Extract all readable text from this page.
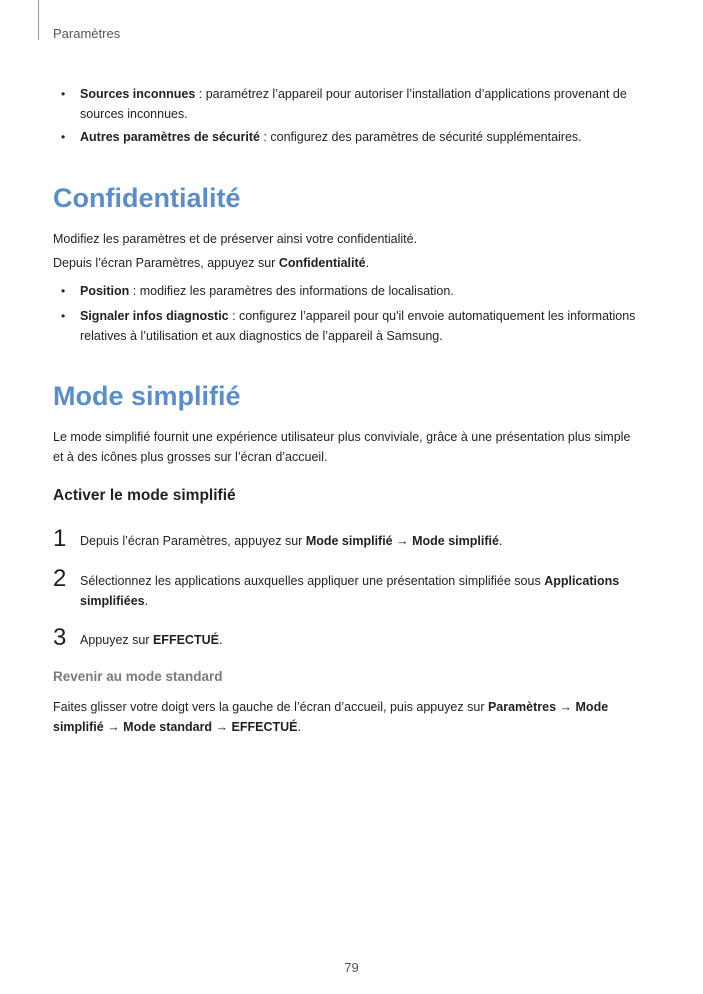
Paramètres
• Sources inconnues : paramétrez l’appareil pour autoriser l’installation d’applications provenant de sources inconnues.
• Autres paramètres de sécurité : configurez des paramètres de sécurité supplémentaires.
Confidentialité
Modifiez les paramètres et de préserver ainsi votre confidentialité.
Depuis l’écran Paramètres, appuyez sur Confidentialité.
• Position : modifiez les paramètres des informations de localisation.
• Signaler infos diagnostic : configurez l’appareil pour qu'il envoie automatiquement les informations relatives à l’utilisation et aux diagnostics de l’appareil à Samsung.
Mode simplifié
Le mode simplifié fournit une expérience utilisateur plus conviviale, grâce à une présentation plus simple et à des icônes plus grosses sur l’écran d’accueil.
Activer le mode simplifié
1 Depuis l’écran Paramètres, appuyez sur Mode simplifié → Mode simplifié.
2 Sélectionnez les applications auxquelles appliquer une présentation simplifiée sous Applications simplifiées.
3 Appuyez sur EFFECTUÉ.
Revenir au mode standard
Faites glisser votre doigt vers la gauche de l’écran d’accueil, puis appuyez sur Paramètres → Mode simplifié → Mode standard → EFFECTUÉ.
79
